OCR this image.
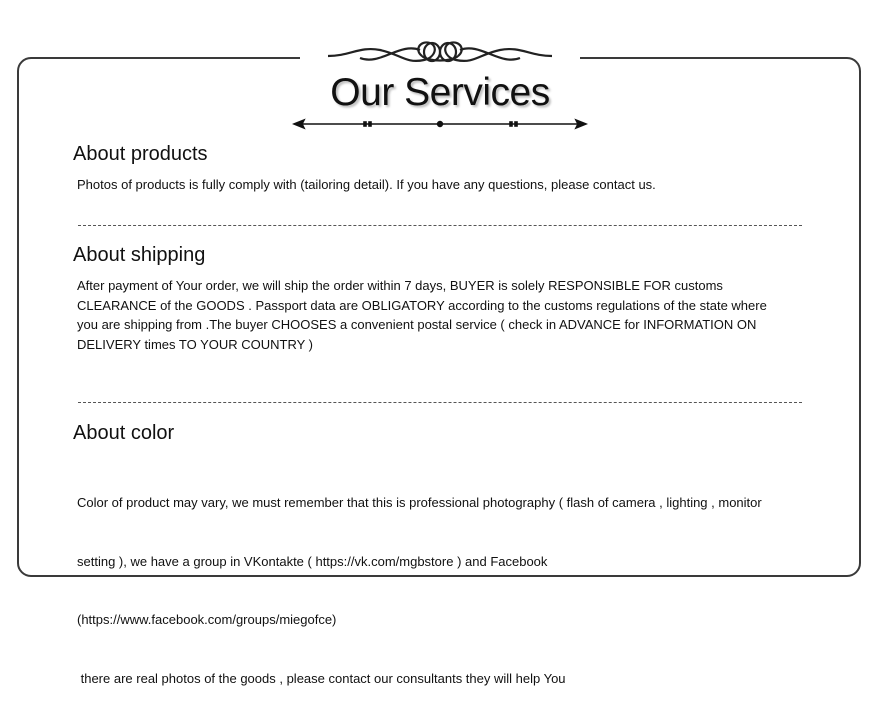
Our Services
About products

Photos of products is fully comply with (tailoring detail). If you have any questions, please contact us.

About shipping
After payment of Your order, we will ship the order within 7 days, BUYER is solely RESPONSIBLE FOR customs
CLEARANCE of the GOODS . Passport data are OBLIGATORY according to the customs regulations of the state where
you are shipping from .The buyer CHOOSES a convenient postal service ( check in ADVANCE for INFORMATION ON
DELIVERY times TO YOUR COUNTRY )
About color

Color of product may vary, we must remember that this is professional photography ( flash of camera , lighting , monitor

setting ), we have a group in VKontakte ( https://vk.com/mgbstore ) and Facebook

(https://www.facebook.com/groups/miegofce)

there are real photos of the goods , please contact our consultants they will help You
